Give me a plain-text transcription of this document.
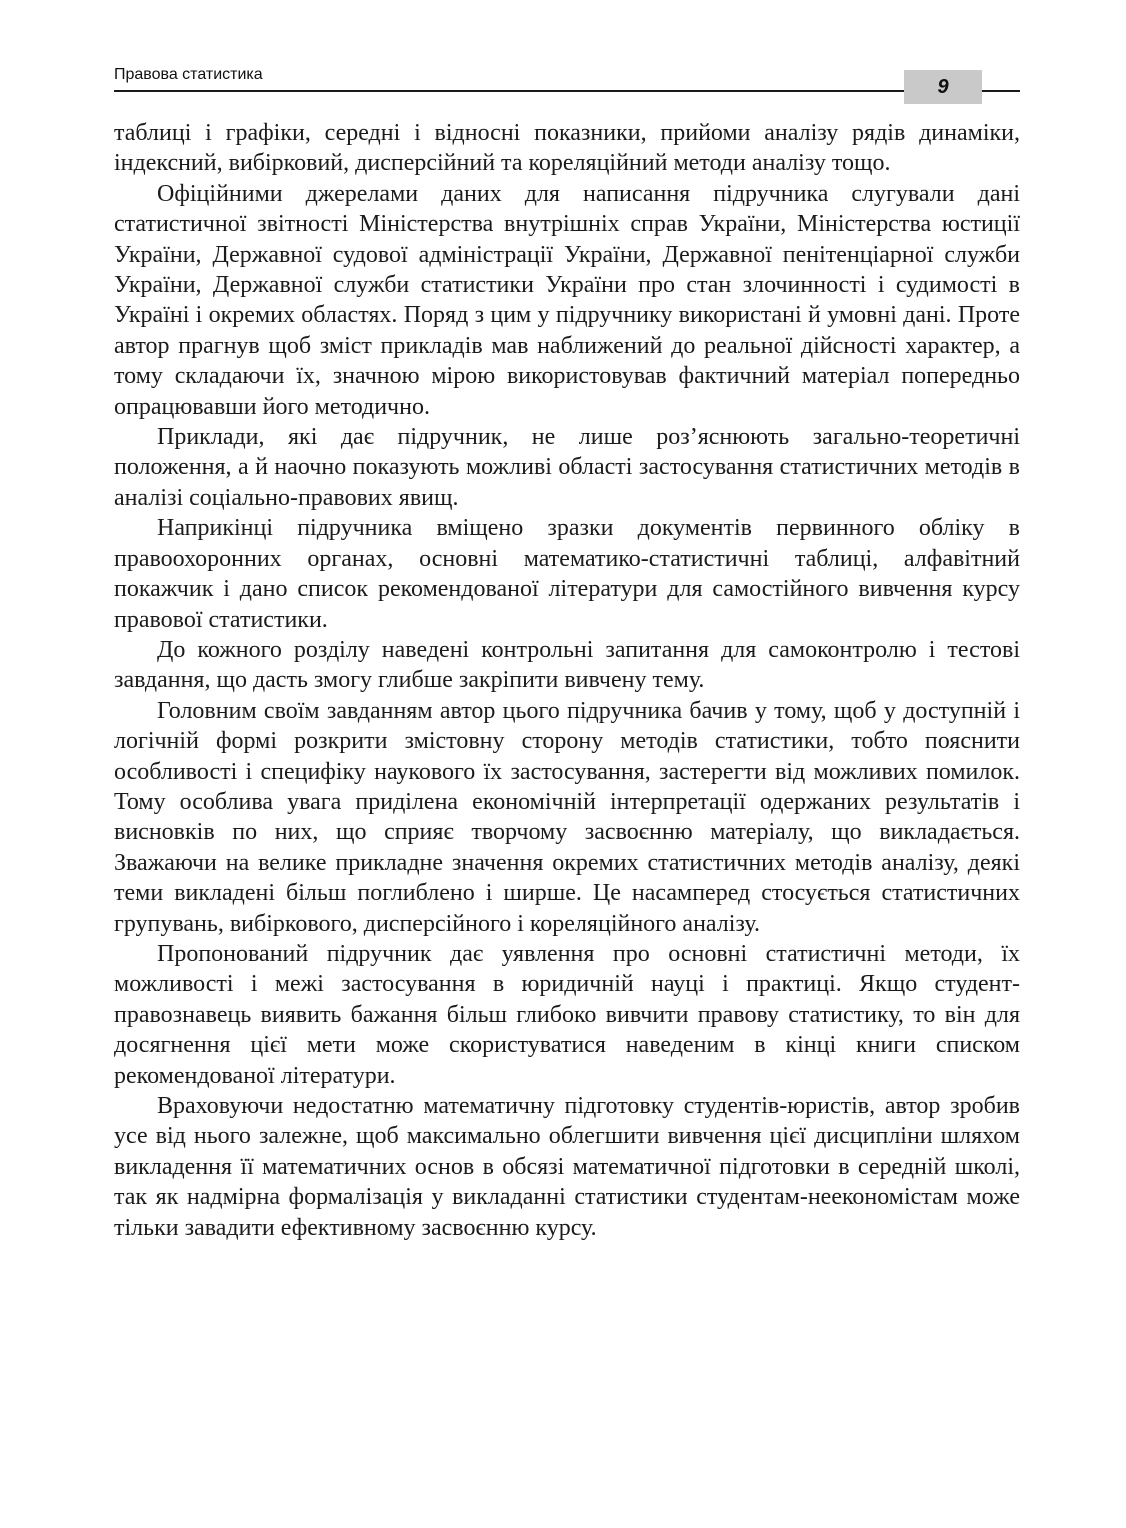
Правова статистика
9

таблиці і графіки, середні і відносні показники, прийоми аналізу рядів динаміки, індексний, вибірковий, дисперсійний та кореляційний методи аналізу тощо.

Офіційними джерелами даних для написання підручника слугували дані статистичної звітності Міністерства внутрішніх справ України, Міністерства юстиції України, Державної судової адміністрації України, Державної пенітенціарної служби України, Державної служби статистики України про стан злочинності і судимості в Україні і окремих областях. Поряд з цим у підручнику використані й умовні дані. Проте автор прагнув щоб зміст прикладів мав наближений до реальної дійсності характер, а тому складаючи їх, значною мірою використовував фактичний матеріал попередньо опрацювавши його методично.

Приклади, які дає підручник, не лише роз’яснюють загально-теоретичні положення, а й наочно показують можливі області застосування статистичних методів в аналізі соціально-правових явищ.

Наприкінці підручника вміщено зразки документів первинного обліку в правоохоронних органах, основні математико-статистичні таблиці, алфавітний покажчик і дано список рекомендованої літератури для самостійного вивчення курсу правової статистики.

До кожного розділу наведені контрольні запитання для самоконтролю і тестові завдання, що дасть змогу глибше закріпити вивчену тему.

Головним своїм завданням автор цього підручника бачив у тому, щоб у доступній і логічній формі розкрити змістовну сторону методів статистики, тобто пояснити особливості і специфіку наукового їх застосування, застерегти від можливих помилок. Тому особлива увага приділена економічній інтерпретації одержаних результатів і висновків по них, що сприяє творчому засвоєнню матеріалу, що викладається. Зважаючи на велике прикладне значення окремих статистичних методів аналізу, деякі теми викладені більш поглиблено і ширше. Це насамперед стосується статистичних групувань, вибіркового, дисперсійного і кореляційного аналізу.

Пропонований підручник дає уявлення про основні статистичні методи, їх можливості і межі застосування в юридичній науці і практиці. Якщо студент-правознавець виявить бажання більш глибоко вивчити правову статистику, то він для досягнення цієї мети може скористуватися наведеним в кінці книги списком рекомендованої літератури.

Враховуючи недостатню математичну підготовку студентів-юристів, автор зробив усе від нього залежне, щоб максимально облегшити вивчення цієї дисципліни шляхом викладення її математичних основ в обсязі математичної підготовки в середній школі, так як надмірна формалізація у викладанні статистики студентам-неекономістам може тільки завадити ефективному засвоєнню курсу.
